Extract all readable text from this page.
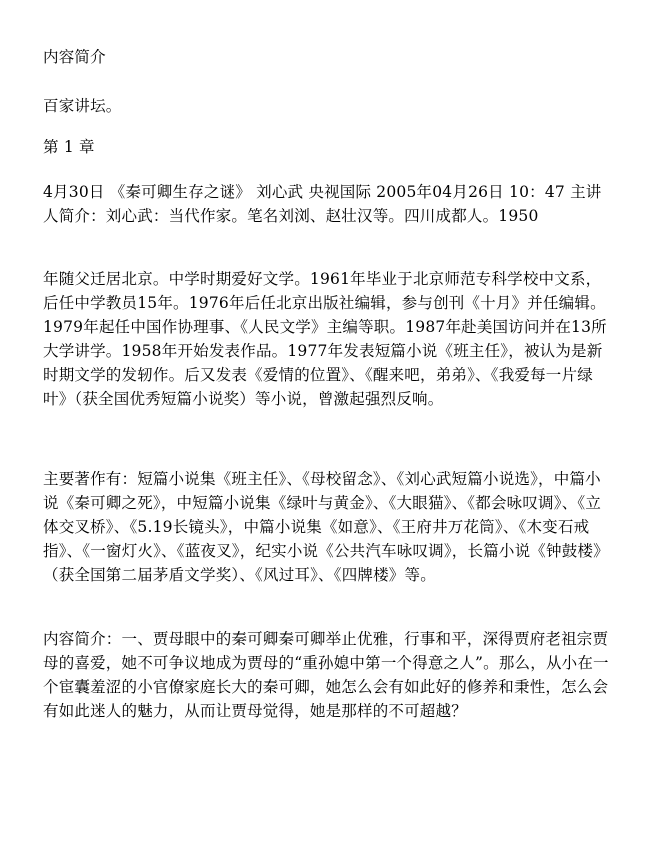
内容简介

百家讲坛。

第 1 章

4月30日 《秦可卿生存之谜》 刘心武 央视国际 2005年04月26日 10：47 主讲人简介：刘心武：当代作家。笔名刘浏、赵壮汉等。四川成都人。1950

年随父迁居北京。中学时期爱好文学。1961年毕业于北京师范专科学校中文系，后任中学教员15年。1976年后任北京出版社编辑，参与创刊《十月》并任编辑。1979年起任中国作协理事、《人民文学》主编等职。1987年赴美国访问并在13所大学讲学。1958年开始发表作品。1977年发表短篇小说《班主任》，被认为是新时期文学的发轫作。后又发表《爱情的位置》、《醒来吧，弟弟》、《我爱每一片绿叶》（获全国优秀短篇小说奖）等小说，曾激起强烈反响。

主要著作有：短篇小说集《班主任》、《母校留念》、《刘心武短篇小说选》，中篇小说《秦可卿之死》，中短篇小说集《绿叶与黄金》、《大眼猫》、《都会咏叹调》、《立体交叉桥》、《5.19长镜头》，中篇小说集《如意》、《王府井万花筒》、《木变石戒指》、《一窗灯火》、《蓝夜叉》，纪实小说《公共汽车咏叹调》，长篇小说《钟鼓楼》（获全国第二届茅盾文学奖）、《风过耳》、《四牌楼》等。

内容简介：一、贾母眼中的秦可卿秦可卿举止优雅，行事和平，深得贾府老祖宗贾母的喜爱，她不可争议地成为贾母的“重孙媳中第一个得意之人”。那么，从小在一个宦囊羞涩的小官僚家庭长大的秦可卿，她怎么会有如此好的修养和秉性，怎么会有如此迷人的魅力，从而让贾母觉得，她是那样的不可超越？
